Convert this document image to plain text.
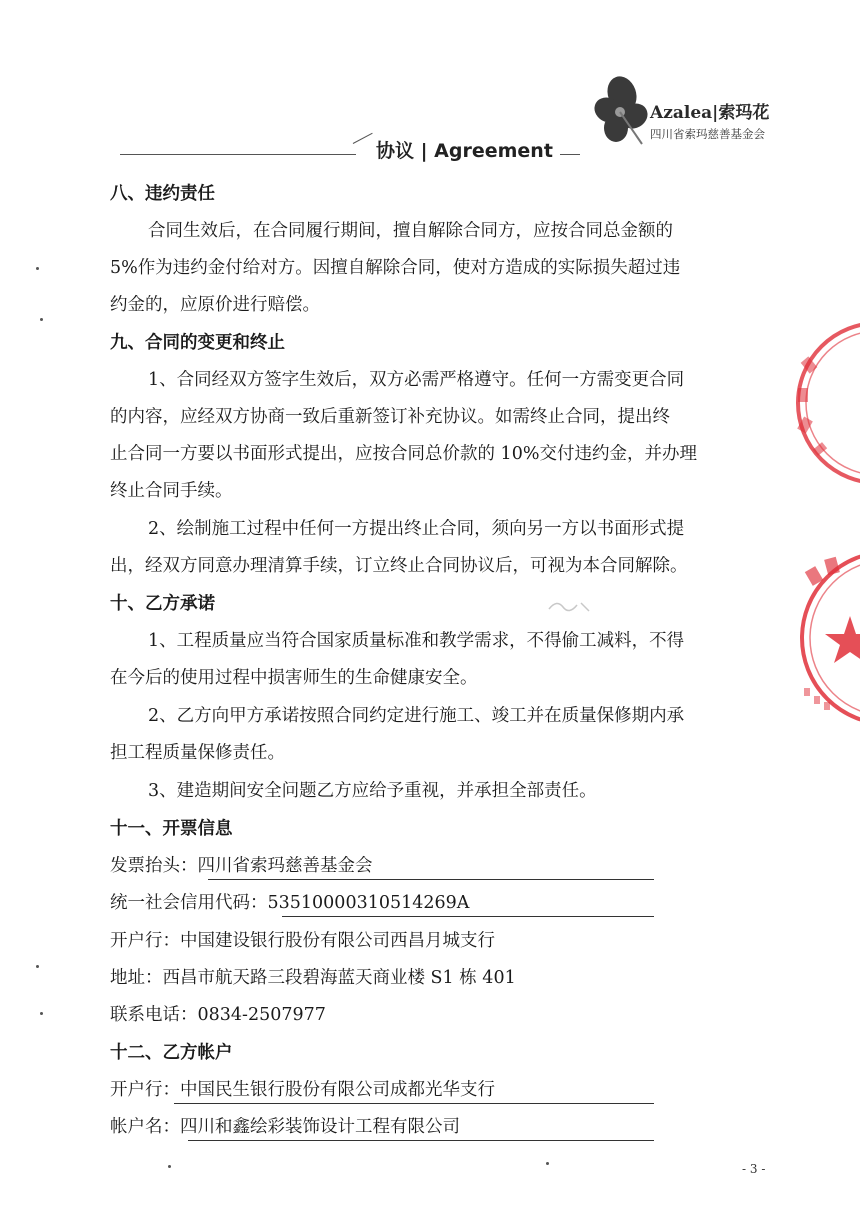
协议 | Agreement
Azalea|索玛花
四川省索玛慈善基金会
八、违约责任
合同生效后，在合同履行期间，擅自解除合同方，应按合同总金额的
5%作为违约金付给对方。因擅自解除合同，使对方造成的实际损失超过违
约金的，应原价进行赔偿。
九、合同的变更和终止
1、合同经双方签字生效后，双方必需严格遵守。任何一方需变更合同
的内容，应经双方协商一致后重新签订补充协议。如需终止合同，提出终
止合同一方要以书面形式提出，应按合同总价款的 10%交付违约金，并办理
终止合同手续。
2、绘制施工过程中任何一方提出终止合同，须向另一方以书面形式提
出，经双方同意办理清算手续，订立终止合同协议后，可视为本合同解除。
十、乙方承诺
1、工程质量应当符合国家质量标准和教学需求，不得偷工减料，不得
在今后的使用过程中损害师生的生命健康安全。
2、乙方向甲方承诺按照合同约定进行施工、竣工并在质量保修期内承
担工程质量保修责任。
3、建造期间安全问题乙方应给予重视，并承担全部责任。
十一、开票信息
发票抬头：四川省索玛慈善基金会
统一社会信用代码：53510000310514269A
开户行：中国建设银行股份有限公司西昌月城支行
地址：西昌市航天路三段碧海蓝天商业楼 S1 栋 401
联系电话：0834-2507977
十二、乙方帐户
开户行：中国民生银行股份有限公司成都光华支行
帐户名：四川和鑫绘彩装饰设计工程有限公司
- 3 -
